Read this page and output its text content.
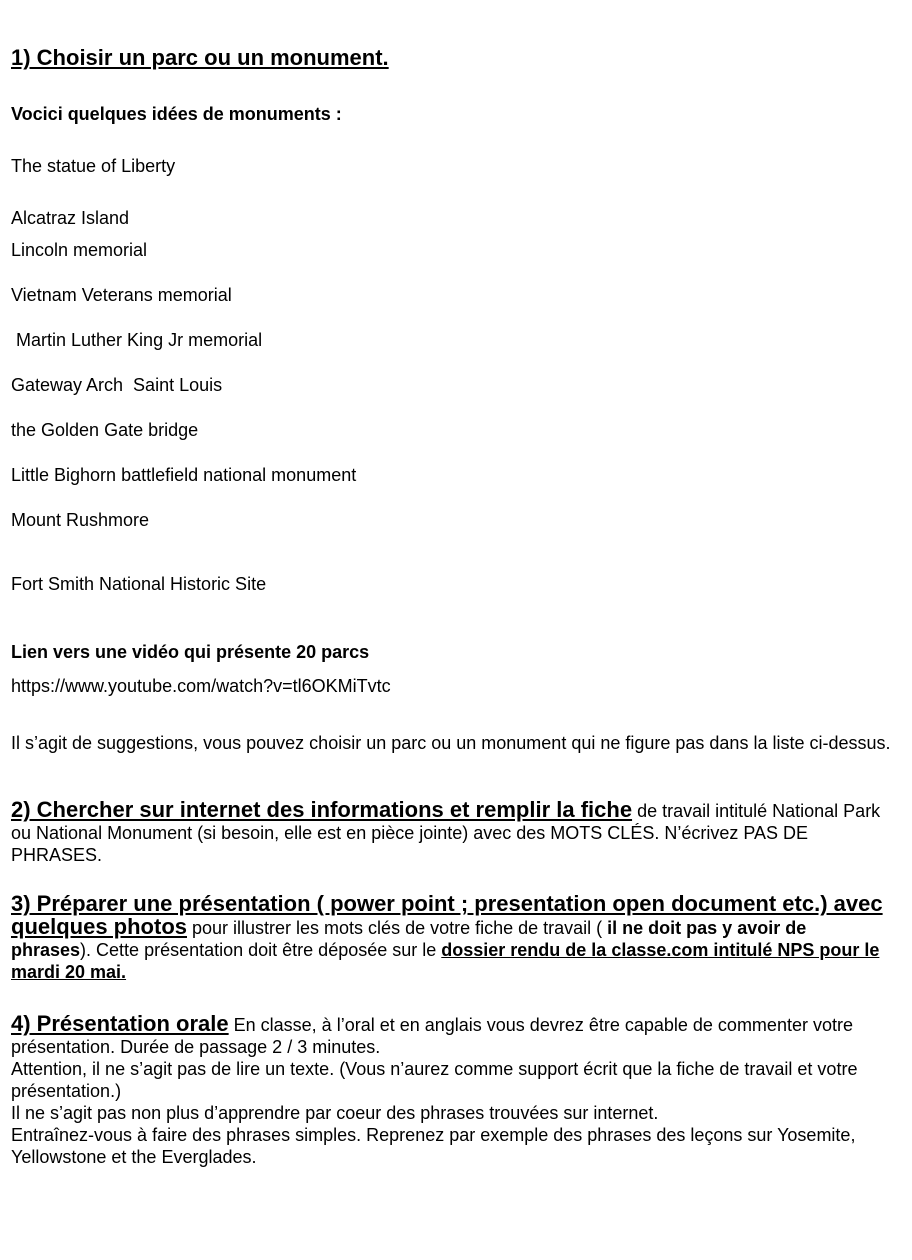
1) Choisir un parc ou un monument.
Vocici quelques idées de monuments :
The statue of Liberty
Alcatraz Island
Lincoln memorial
Vietnam Veterans memorial
Martin Luther King Jr memorial
Gateway Arch  Saint Louis
the Golden Gate bridge
Little Bighorn battlefield national monument
Mount Rushmore
Fort Smith National Historic Site
Lien vers une vidéo qui présente 20 parcs
https://www.youtube.com/watch?v=tl6OKMiTvtc
Il s’agit de suggestions, vous pouvez choisir un parc ou un monument qui ne figure pas dans la liste ci-dessus.
2) Chercher sur internet des informations et remplir la fiche de travail intitulé National Park ou National Monument (si besoin, elle est en pièce jointe) avec des MOTS CLÉS. N’écrivez PAS DE PHRASES.
3) Préparer une présentation ( power point ; presentation open document etc.) avec quelques photos pour illustrer les mots clés de votre fiche de travail ( il ne doit pas y avoir de phrases). Cette présentation doit être déposée sur le dossier rendu de la classe.com intitulé NPS pour le mardi 20 mai.
4) Présentation orale En classe, à l’oral et en anglais vous devrez être capable de commenter votre présentation. Durée de passage 2 / 3 minutes.
Attention, il ne s’agit pas de lire un texte. (Vous n’aurez comme support écrit que la fiche de travail et votre présentation.)
Il ne s’agit pas non plus d’apprendre par coeur des phrases trouvées sur internet.
Entraînez-vous à faire des phrases simples. Reprenez par exemple des phrases des leçons sur Yosemite, Yellowstone et the Everglades.
